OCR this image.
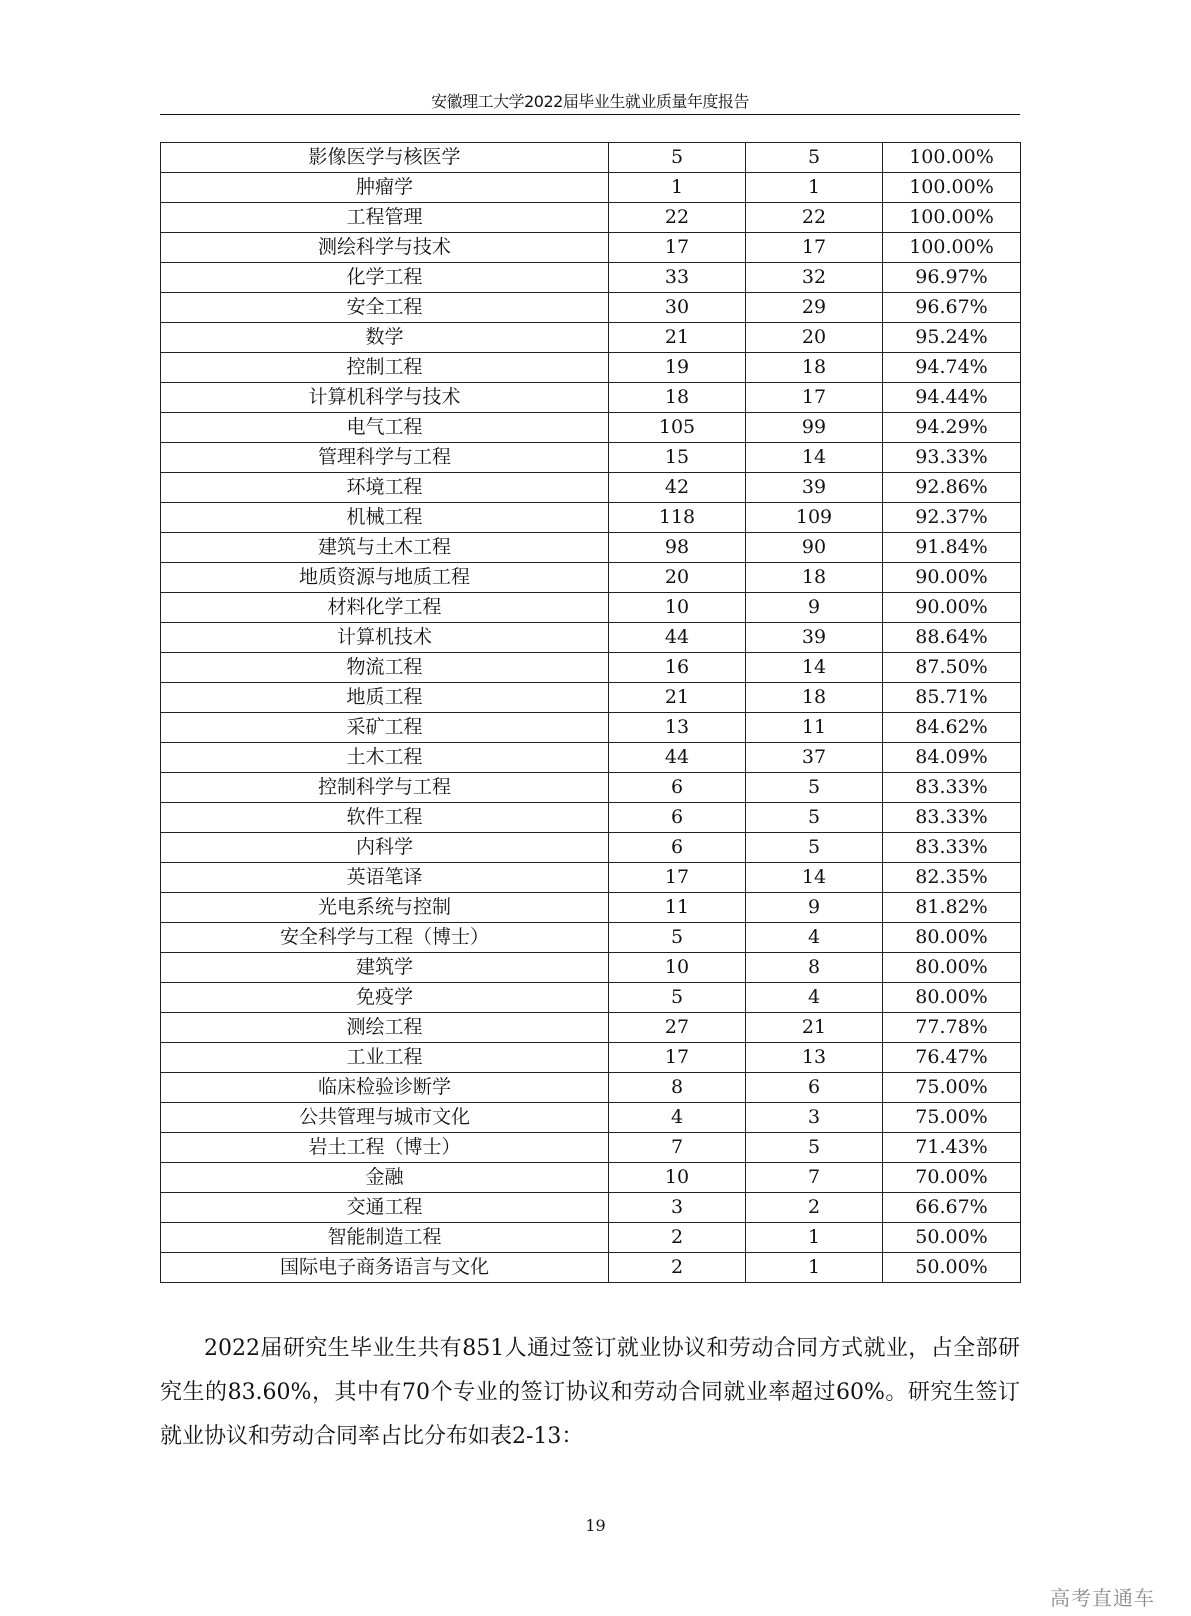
安徽理工大学2022届毕业生就业质量年度报告
影像医学与核医学	5	5	100.00%
肿瘤学	1	1	100.00%
工程管理	22	22	100.00%
测绘科学与技术	17	17	100.00%
化学工程	33	32	96.97%
安全工程	30	29	96.67%
数学	21	20	95.24%
控制工程	19	18	94.74%
计算机科学与技术	18	17	94.44%
电气工程	105	99	94.29%
管理科学与工程	15	14	93.33%
环境工程	42	39	92.86%
机械工程	118	109	92.37%
建筑与土木工程	98	90	91.84%
地质资源与地质工程	20	18	90.00%
材料化学工程	10	9	90.00%
计算机技术	44	39	88.64%
物流工程	16	14	87.50%
地质工程	21	18	85.71%
采矿工程	13	11	84.62%
土木工程	44	37	84.09%
控制科学与工程	6	5	83.33%
软件工程	6	5	83.33%
内科学	6	5	83.33%
英语笔译	17	14	82.35%
光电系统与控制	11	9	81.82%
安全科学与工程（博士）	5	4	80.00%
建筑学	10	8	80.00%
免疫学	5	4	80.00%
测绘工程	27	21	77.78%
工业工程	17	13	76.47%
临床检验诊断学	8	6	75.00%
公共管理与城市文化	4	3	75.00%
岩土工程（博士）	7	5	71.43%
金融	10	7	70.00%
交通工程	3	2	66.67%
智能制造工程	2	1	50.00%
国际电子商务语言与文化	2	1	50.00%

2022届研究生毕业生共有851人通过签订就业协议和劳动合同方式就业，占全部研究生的83.60%，其中有70个专业的签订协议和劳动合同就业率超过60%。研究生签订就业协议和劳动合同率占比分布如表2-13：

19
高考直通车
